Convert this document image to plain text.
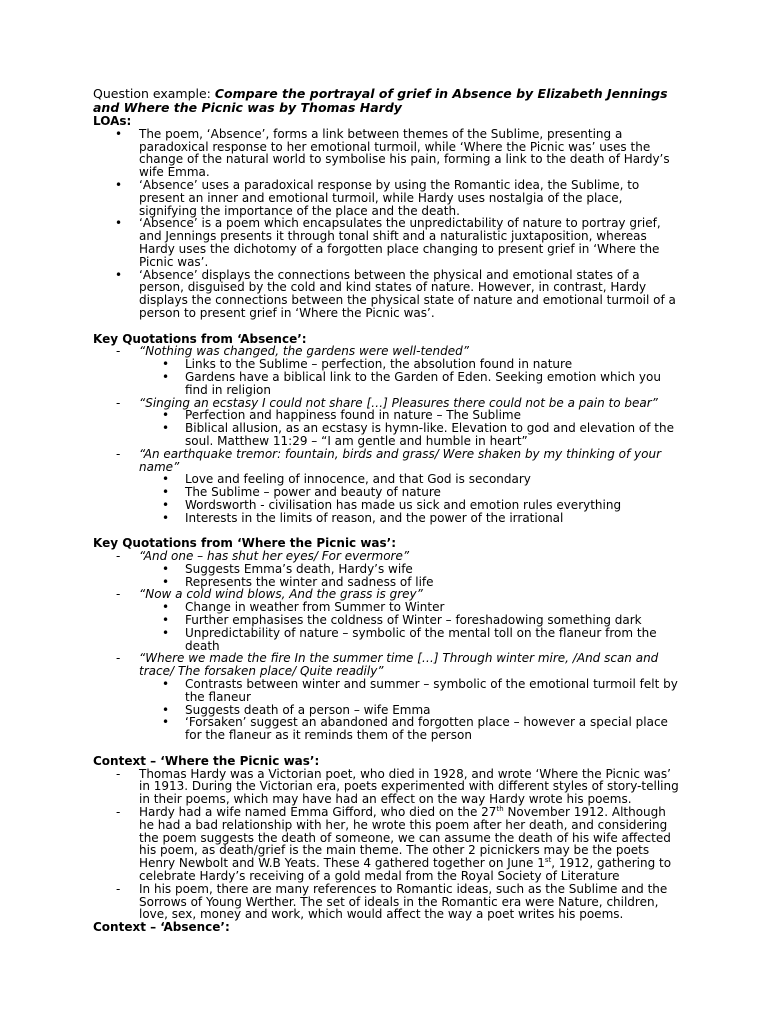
Question example: Compare the portrayal of grief in Absence by Elizabeth Jennings and Where the Picnic was by Thomas Hardy
LOAs:
• The poem, ‘Absence’, forms a link between themes of the Sublime, presenting a paradoxical response to her emotional turmoil, while ‘Where the Picnic was’ uses the change of the natural world to symbolise his pain, forming a link to the death of Hardy’s wife Emma.
• ‘Absence’ uses a paradoxical response by using the Romantic idea, the Sublime, to present an inner and emotional turmoil, while Hardy uses nostalgia of the place, signifying the importance of the place and the death.
• ‘Absence’ is a poem which encapsulates the unpredictability of nature to portray grief, and Jennings presents it through tonal shift and a naturalistic juxtaposition, whereas Hardy uses the dichotomy of a forgotten place changing to present grief in ‘Where the Picnic was’.
• ‘Absence’ displays the connections between the physical and emotional states of a person, disguised by the cold and kind states of nature. However, in contrast, Hardy displays the connections between the physical state of nature and emotional turmoil of a person to present grief in ‘Where the Picnic was’.
Key Quotations from ‘Absence’:
- “Nothing was changed, the gardens were well-tended”
• Links to the Sublime – perfection, the absolution found in nature
• Gardens have a biblical link to the Garden of Eden. Seeking emotion which you find in religion
- “Singing an ecstasy I could not share […] Pleasures there could not be a pain to bear”
• Perfection and happiness found in nature – The Sublime
• Biblical allusion, as an ecstasy is hymn-like. Elevation to god and elevation of the soul. Matthew 11:29 – “I am gentle and humble in heart”
- “An earthquake tremor: fountain, birds and grass/ Were shaken by my thinking of your name”
• Love and feeling of innocence, and that God is secondary
• The Sublime – power and beauty of nature
• Wordsworth - civilisation has made us sick and emotion rules everything
• Interests in the limits of reason, and the power of the irrational
Key Quotations from ‘Where the Picnic was’:
- “And one – has shut her eyes/ For evermore”
• Suggests Emma’s death, Hardy’s wife
• Represents the winter and sadness of life
- “Now a cold wind blows, And the grass is grey”
• Change in weather from Summer to Winter
• Further emphasises the coldness of Winter – foreshadowing something dark
• Unpredictability of nature – symbolic of the mental toll on the flaneur from the death
- “Where we made the fire In the summer time […] Through winter mire, /And scan and trace/ The forsaken place/ Quite readily”
• Contrasts between winter and summer – symbolic of the emotional turmoil felt by the flaneur
• Suggests death of a person – wife Emma
• ‘Forsaken’ suggest an abandoned and forgotten place – however a special place for the flaneur as it reminds them of the person
Context – ‘Where the Picnic was’:
- Thomas Hardy was a Victorian poet, who died in 1928, and wrote ‘Where the Picnic was’ in 1913. During the Victorian era, poets experimented with different styles of story-telling in their poems, which may have had an effect on the way Hardy wrote his poems.
- Hardy had a wife named Emma Gifford, who died on the 27th November 1912. Although he had a bad relationship with her, he wrote this poem after her death, and considering the poem suggests the death of someone, we can assume the death of his wife affected his poem, as death/grief is the main theme. The other 2 picnickers may be the poets Henry Newbolt and W.B Yeats. These 4 gathered together on June 1st, 1912, gathering to celebrate Hardy’s receiving of a gold medal from the Royal Society of Literature
- In his poem, there are many references to Romantic ideas, such as the Sublime and the Sorrows of Young Werther. The set of ideals in the Romantic era were Nature, children, love, sex, money and work, which would affect the way a poet writes his poems.
Context – ‘Absence’:
